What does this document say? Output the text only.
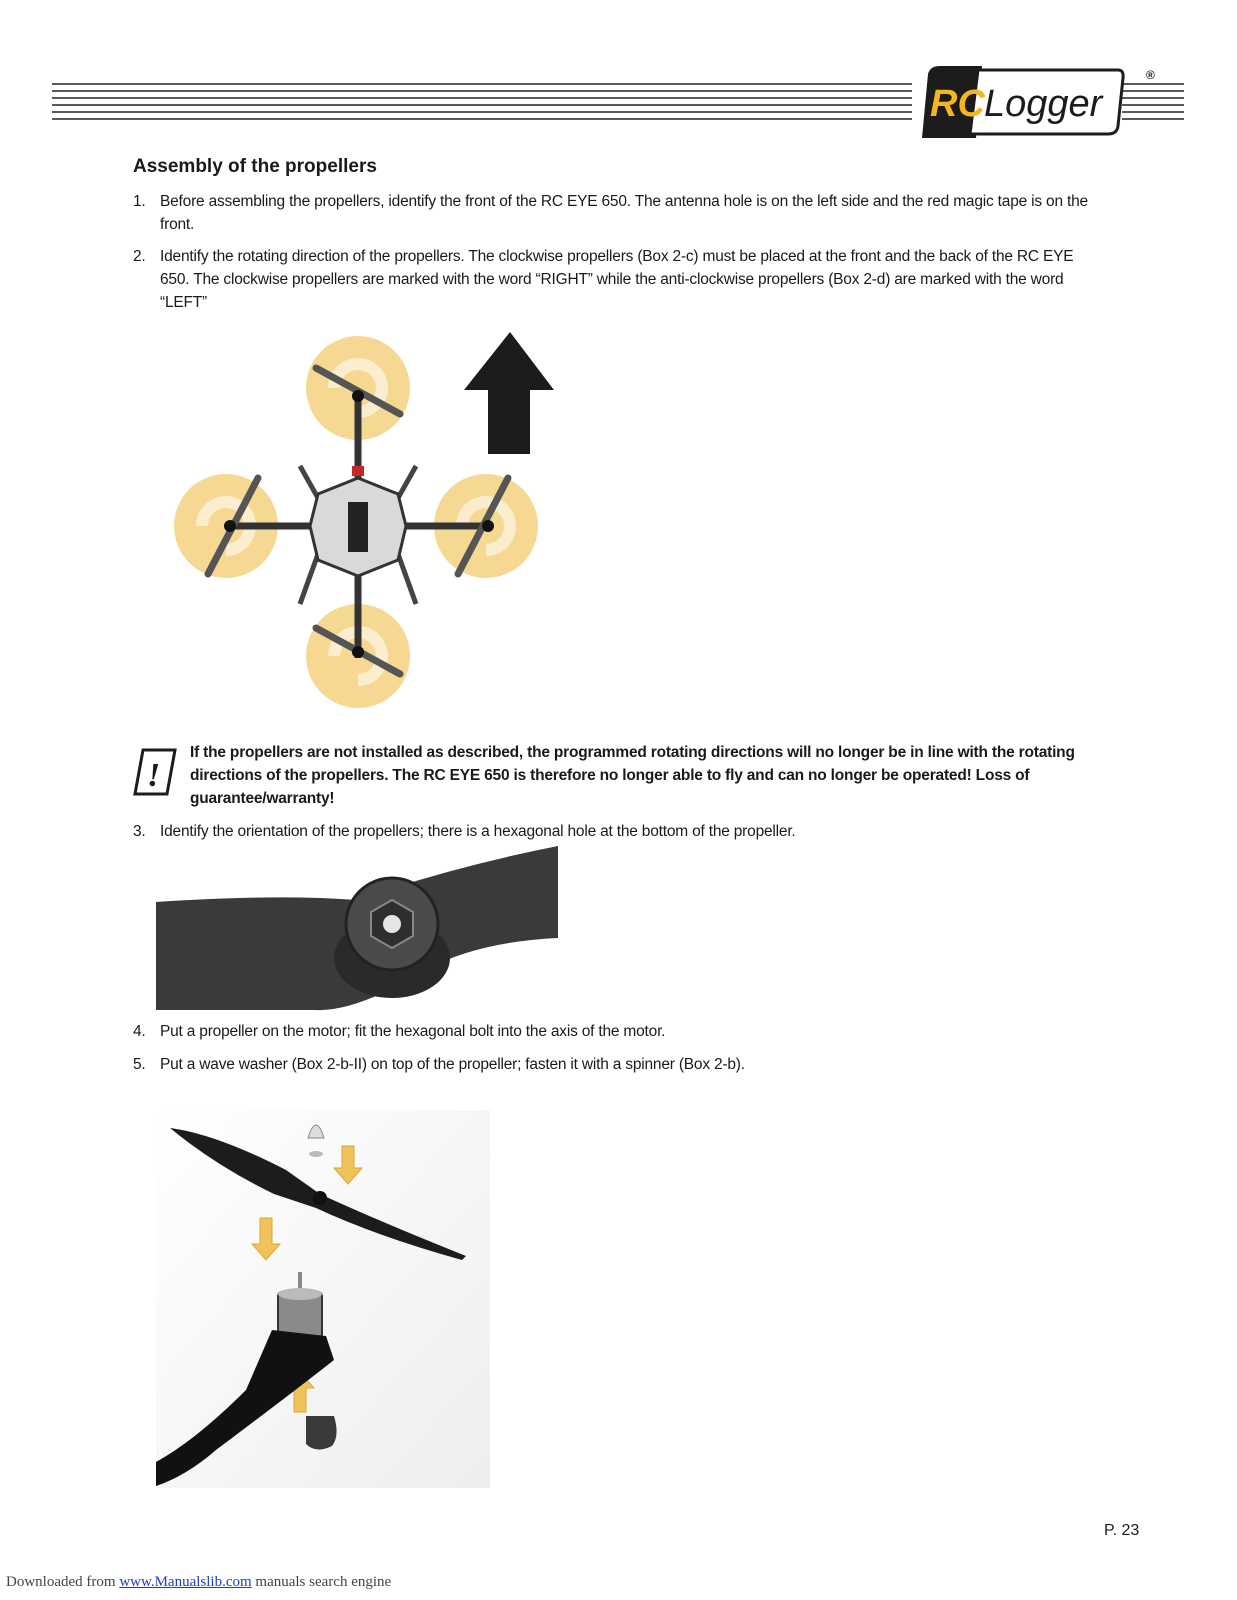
RC Logger
®
Assembly of the propellers
1. Before assembling the propellers, identify the front of the RC EYE 650. The antenna hole is on the left side and the red magic tape is on the front.
2. Identify the rotating direction of the propellers. The clockwise propellers (Box 2-c) must be placed at the front and the back of the RC EYE 650. The clockwise propellers are marked with the word “RIGHT” while the anti-clockwise propellers (Box 2-d) are marked with the word “LEFT”
!
If the propellers are not installed as described, the programmed rotating directions will no longer be in line with the rotating directions of the propellers. The RC EYE 650 is therefore no longer able to fly and can no longer be operated! Loss of guarantee/warranty!
3. Identify the orientation of the propellers; there is a hexagonal hole at the bottom of the propeller.
4. Put a propeller on the motor; fit the hexagonal bolt into the axis of the motor.
5. Put a wave washer (Box 2-b-II) on top of the propeller; fasten it with a spinner (Box 2-b).
P. 23
Downloaded from www.Manualslib.com manuals search engine
